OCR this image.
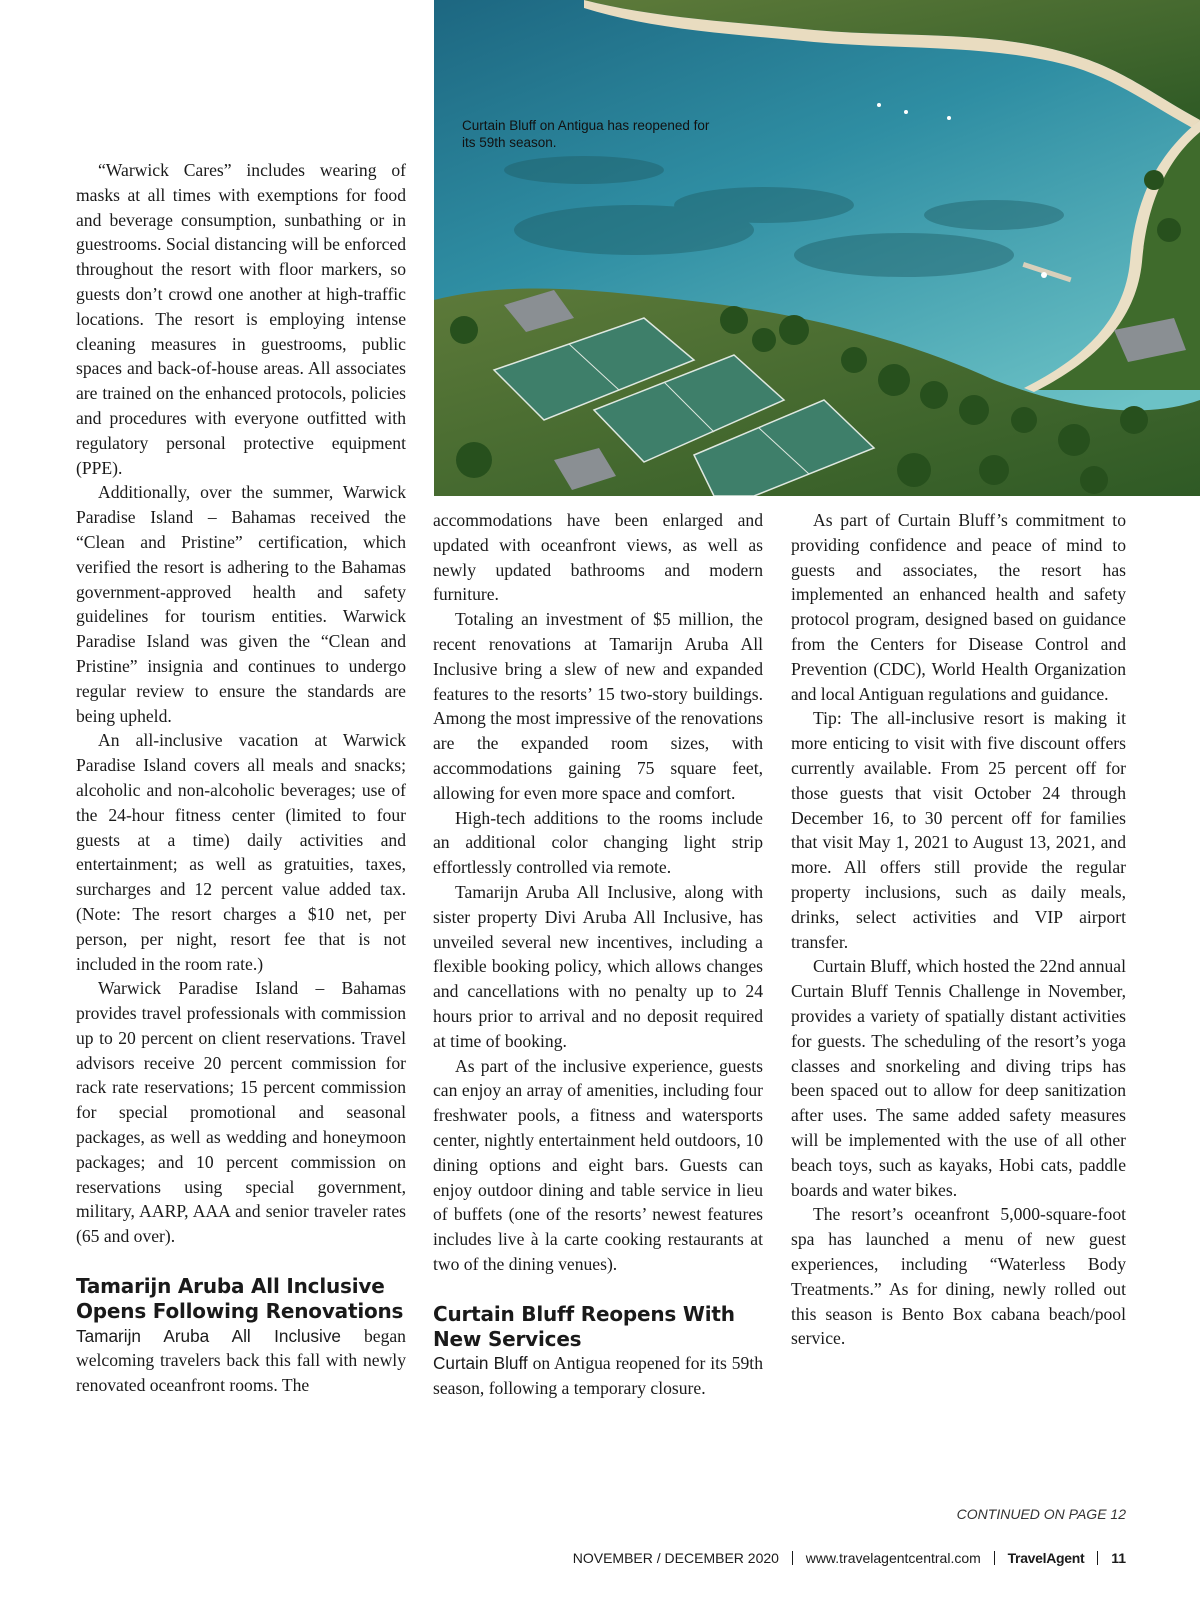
Curtain Bluff on Antigua has reopened for its 59th season.

“Warwick Cares” includes wearing of masks at all times with exemptions for food and beverage consumption, sunbathing or in guestrooms. Social distancing will be enforced throughout the resort with floor markers, so guests don’t crowd one another at high-traffic locations. The resort is employing intense cleaning measures in guestrooms, public spaces and back-of-house areas. All associates are trained on the enhanced protocols, policies and procedures with everyone outfitted with regulatory personal protective equipment (PPE).

Additionally, over the summer, Warwick Paradise Island – Bahamas received the “Clean and Pristine” certification, which verified the resort is adhering to the Bahamas government-approved health and safety guidelines for tourism entities. Warwick Paradise Island was given the “Clean and Pristine” insignia and continues to undergo regular review to ensure the standards are being upheld.

An all-inclusive vacation at Warwick Paradise Island covers all meals and snacks; alcoholic and non-alcoholic beverages; use of the 24-hour fitness center (limited to four guests at a time) daily activities and entertainment; as well as gratuities, taxes, surcharges and 12 percent value added tax. (Note: The resort charges a $10 net, per person, per night, resort fee that is not included in the room rate.)

Warwick Paradise Island – Bahamas provides travel professionals with commission up to 20 percent on client reservations. Travel advisors receive 20 percent commission for rack rate reservations; 15 percent commission for special promotional and seasonal packages, as well as wedding and honeymoon packages; and 10 percent commission on reservations using special government, military, AARP, AAA and senior traveler rates (65 and over).

Tamarijn Aruba All Inclusive Opens Following Renovations

Tamarijn Aruba All Inclusive began welcoming travelers back this fall with newly renovated oceanfront rooms. The

accommodations have been enlarged and updated with oceanfront views, as well as newly updated bathrooms and modern furniture.

Totaling an investment of $5 million, the recent renovations at Tamarijn Aruba All Inclusive bring a slew of new and expanded features to the resorts’ 15 two-story buildings. Among the most impressive of the renovations are the expanded room sizes, with accommodations gaining 75 square feet, allowing for even more space and comfort.

High-tech additions to the rooms include an additional color changing light strip effortlessly controlled via remote.

Tamarijn Aruba All Inclusive, along with sister property Divi Aruba All Inclusive, has unveiled several new incentives, including a flexible booking policy, which allows changes and cancellations with no penalty up to 24 hours prior to arrival and no deposit required at time of booking.

As part of the inclusive experience, guests can enjoy an array of amenities, including four freshwater pools, a fitness and watersports center, nightly entertainment held outdoors, 10 dining options and eight bars. Guests can enjoy outdoor dining and table service in lieu of buffets (one of the resorts’ newest features includes live à la carte cooking restaurants at two of the dining venues).

Curtain Bluff Reopens With New Services

Curtain Bluff on Antigua reopened for its 59th season, following a temporary closure.

As part of Curtain Bluff’s commitment to providing confidence and peace of mind to guests and associates, the resort has implemented an enhanced health and safety protocol program, designed based on guidance from the Centers for Disease Control and Prevention (CDC), World Health Organization and local Antiguan regulations and guidance.

Tip: The all-inclusive resort is making it more enticing to visit with five discount offers currently available. From 25 percent off for those guests that visit October 24 through December 16, to 30 percent off for families that visit May 1, 2021 to August 13, 2021, and more. All offers still provide the regular property inclusions, such as daily meals, drinks, select activities and VIP airport transfer.

Curtain Bluff, which hosted the 22nd annual Curtain Bluff Tennis Challenge in November, provides a variety of spatially distant activities for guests. The scheduling of the resort’s yoga classes and snorkeling and diving trips has been spaced out to allow for deep sanitization after uses. The same added safety measures will be implemented with the use of all other beach toys, such as kayaks, Hobi cats, paddle boards and water bikes.

The resort’s oceanfront 5,000-square-foot spa has launched a menu of new guest experiences, including “Waterless Body Treatments.” As for dining, newly rolled out this season is Bento Box cabana beach/pool service.

CONTINUED ON PAGE 12
NOVEMBER / DECEMBER 2020 www.travelagentcentral.com TravelAgent 11
